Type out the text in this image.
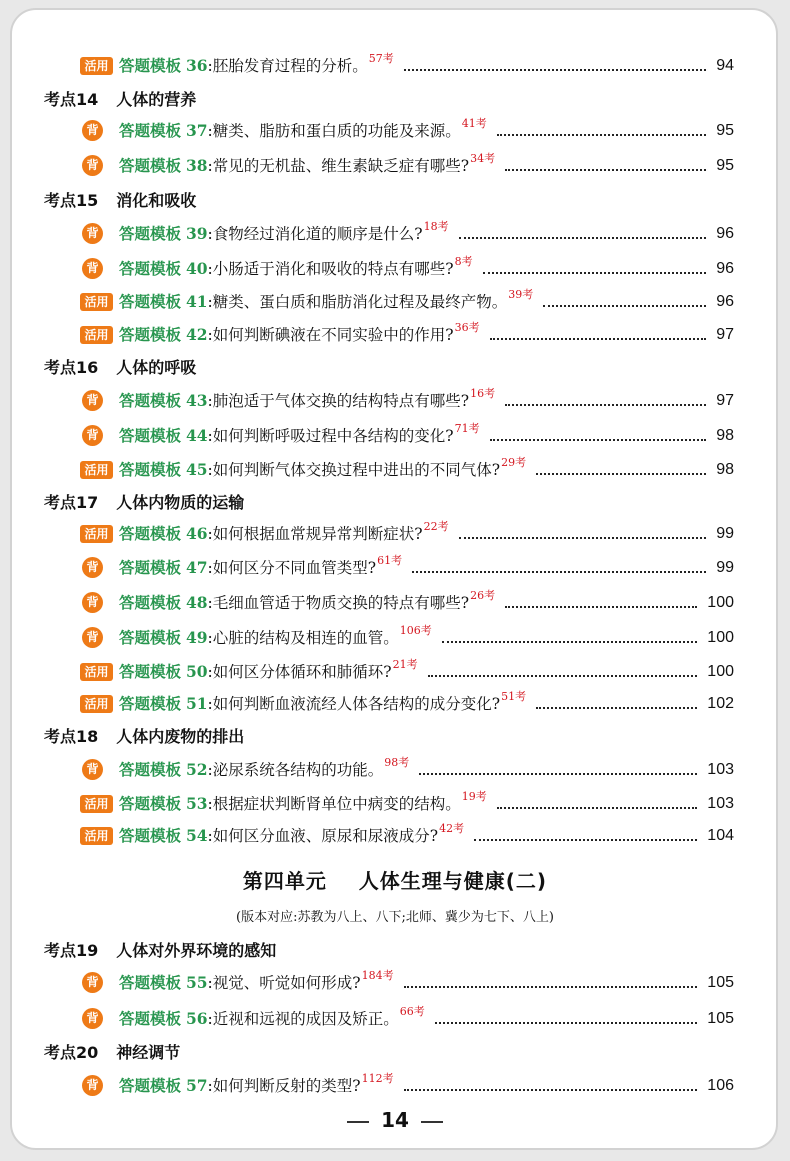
考点14 人体的营养
考点15 消化和吸收
考点16 人体的呼吸
考点17 人体内物质的运输
考点18 人体内废物的排出
考点19 人体对外界环境的感知
考点20 神经调节
活用 答题模板 36:胚胎发育过程的分析。$^{57考}$	94
背 答题模板 37:糖类、脂肪和蛋白质的功能及来源。$^{41考}$	95
背 答题模板 38:常见的无机盐、维生素缺乏症有哪些?$^{34考}$	95
背 答题模板 39:食物经过消化道的顺序是什么?$^{18考}$	96
背 答题模板 40:小肠适于消化和吸收的特点有哪些?$^{8考}$	96
活用 答题模板 41:糖类、蛋白质和脂肪消化过程及最终产物。$^{39考}$	96
活用 答题模板 42:如何判断碘液在不同实验中的作用?$^{36考}$	97
背 答题模板 43:肺泡适于气体交换的结构特点有哪些?$^{16考}$	97
背 答题模板 44:如何判断呼吸过程中各结构的变化?$^{71考}$	98
活用 答题模板 45:如何判断气体交换过程中进出的不同气体?$^{29考}$	98
活用 答题模板 46:如何根据血常规异常判断症状?$^{22考}$	99
背 答题模板 47:如何区分不同血管类型?$^{61考}$	99
背 答题模板 48:毛细血管适于物质交换的特点有哪些?$^{26考}$	100
背 答题模板 49:心脏的结构及相连的血管。$^{106考}$	100
活用 答题模板 50:如何区分体循环和肺循环?$^{21考}$	100
活用 答题模板 51:如何判断血液流经人体各结构的成分变化?$^{51考}$	102
背 答题模板 52:泌尿系统各结构的功能。$^{98考}$	103
活用 答题模板 53:根据症状判断肾单位中病变的结构。$^{19考}$	103
活用 答题模板 54:如何区分血液、原尿和尿液成分?$^{42考}$	104
背 答题模板 55:视觉、听觉如何形成?$^{184考}$	105
背 答题模板 56:近视和远视的成因及矫正。$^{66考}$	105
背 答题模板 57:如何判断反射的类型?$^{112考}$	106
第四单元    人体生理与健康(二)
(版本对应:苏教为八上、八下;北师、冀少为七下、八上)
14
